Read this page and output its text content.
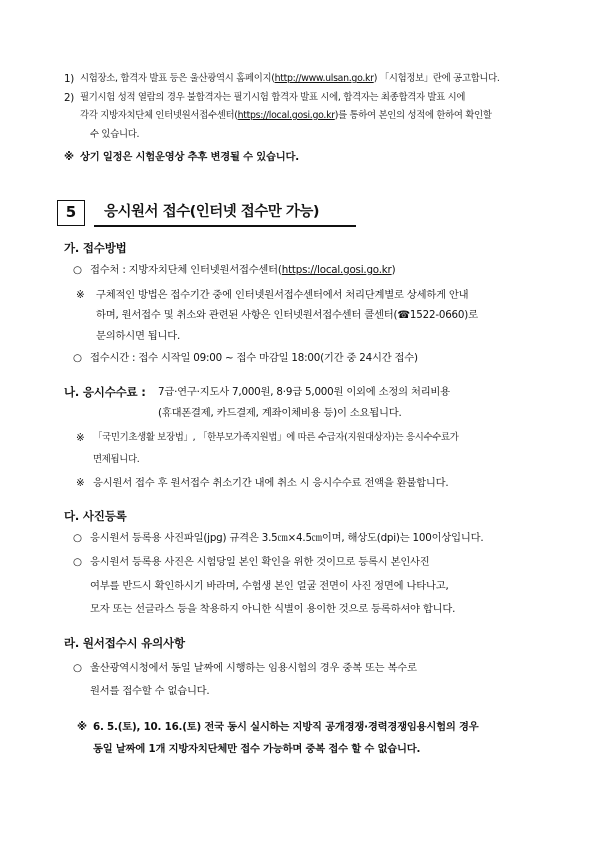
1) 시험장소, 합격자 발표 등은 울산광역시 홈페이지(http://www.ulsan.go.kr) 「시험정보」란에 공고합니다.
2) 필기시험 성적 열람의 경우 불합격자는 필기시험 합격자 발표 시에, 합격자는 최종합격자 발표 시에
각각 지방자치단체 인터넷원서접수센터(https://local.gosi.go.kr)를 통하여 본인의 성적에 한하여 확인할
수 있습니다.
※ 상기 일정은 시험운영상 추후 변경될 수 있습니다.
5	응시원서 접수(인터넷 접수만 가능)
가. 접수방법
○ 접수처 : 지방자치단체 인터넷원서접수센터(https://local.gosi.go.kr)
※ 구체적인 방법은 접수기간 중에 인터넷원서접수센터에서 처리단계별로 상세하게 안내
하며, 원서접수 및 취소와 관련된 사항은 인터넷원서접수센터 콜센터(☎1522-0660)로
문의하시면 됩니다.
○ 접수시간 : 접수 시작일 09:00 ~ 접수 마감일 18:00(기간 중 24시간 접수)
나. 응시수수료 : 7급·연구·지도사 7,000원, 8·9급 5,000원 이외에 소정의 처리비용
(휴대폰결제, 카드결제, 계좌이체비용 등)이 소요됩니다.
※ 「국민기초생활 보장법」, 「한부모가족지원법」에 따른 수급자(지원대상자)는 응시수수료가
면제됩니다.
※ 응시원서 접수 후 원서접수 취소기간 내에 취소 시 응시수수료 전액을 환불합니다.
다. 사진등록
○ 응시원서 등록용 사진파일(jpg) 규격은 3.5㎝×4.5㎝이며, 해상도(dpi)는 100이상입니다.
○ 응시원서 등록용 사진은 시험당일 본인 확인을 위한 것이므로 등록시 본인사진
여부를 반드시 확인하시기 바라며, 수험생 본인 얼굴 전면이 사진 정면에 나타나고,
모자 또는 선글라스 등을 착용하지 아니한 식별이 용이한 것으로 등록하셔야 합니다.
라. 원서접수시 유의사항
○ 울산광역시청에서 동일 날짜에 시행하는 임용시험의 경우 중복 또는 복수로
원서를 접수할 수 없습니다.
※ 6. 5.(토), 10. 16.(토) 전국 동시 실시하는 지방직 공개경쟁·경력경쟁임용시험의 경우
동일 날짜에 1개 지방자치단체만 접수 가능하며 중복 접수 할 수 없습니다.
